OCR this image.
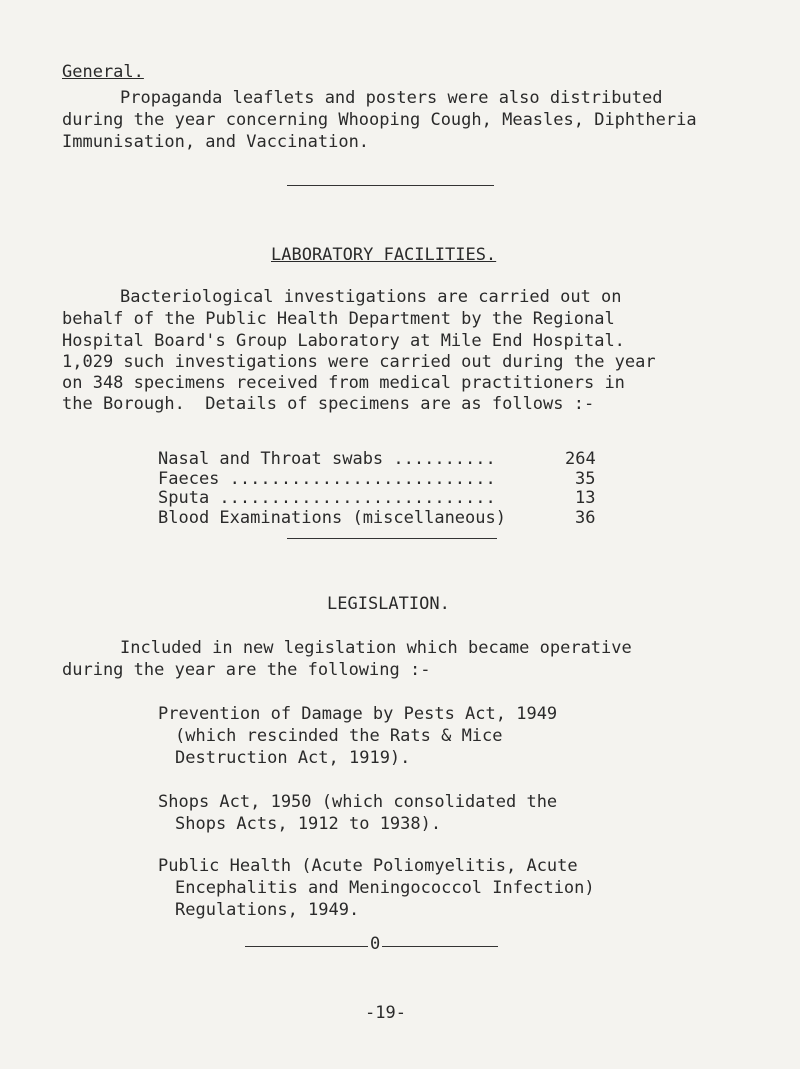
General.
Propaganda leaflets and posters were also distributed
during the year concerning Whooping Cough, Measles, Diphtheria
Immunisation, and Vaccination.
LABORATORY FACILITIES.
Bacteriological investigations are carried out on
behalf of the Public Health Department by the Regional
Hospital Board's Group Laboratory at Mile End Hospital.
1,029 such investigations were carried out during the year
on 348 specimens received from medical practitioners in
the Borough.  Details of specimens are as follows :-
Nasal and Throat swabs ..........	264
Faeces ..........................	35
Sputa ...........................	13
Blood Examinations (miscellaneous)	36
LEGISLATION.
Included in new legislation which became operative
during the year are the following :-
Prevention of Damage by Pests Act, 1949
(which rescinded the Rats & Mice
Destruction Act, 1919).
Shops Act, 1950 (which consolidated the
Shops Acts, 1912 to 1938).
Public Health (Acute Poliomyelitis, Acute
Encephalitis and Meningococcol Infection)
Regulations, 1949.
0
-19-
